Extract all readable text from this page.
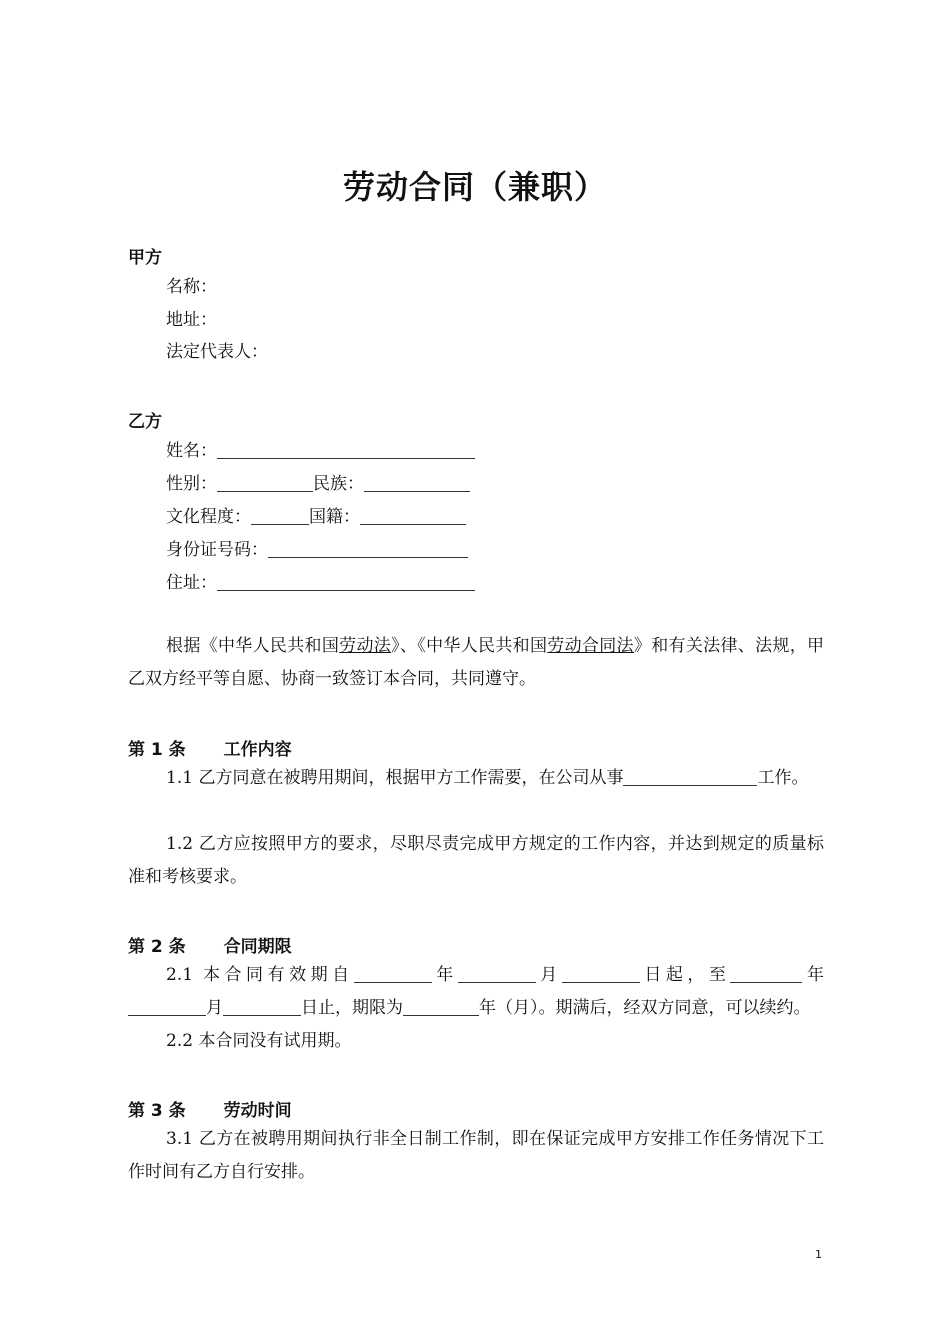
劳动合同（兼职）
甲方
名称：
地址：
法定代表人：
乙方
姓名：
性别：	民族：
文化程度：	国籍：
身份证号码：
住址：
根据《中华人民共和国劳动法》、《中华人民共和国劳动合同法》和有关法律、法规，甲乙双方经平等自愿、协商一致签订本合同，共同遵守。
第 1 条 工作内容
1.1 乙方同意在被聘用期间，根据甲方工作需要，在公司从事	工作。
1.2 乙方应按照甲方的要求，尽职尽责完成甲方规定的工作内容，并达到规定的质量标准和考核要求。
第 2 条 合同期限
2.1 本合同有效期自	年	月	日起，至	年
月	日止，期限为	年（月）。期满后，经双方同意，可以续约。
2.2 本合同没有试用期。
第 3 条 劳动时间
3.1 乙方在被聘用期间执行非全日制工作制，即在保证完成甲方安排工作任务情况下工作时间有乙方自行安排。
1
